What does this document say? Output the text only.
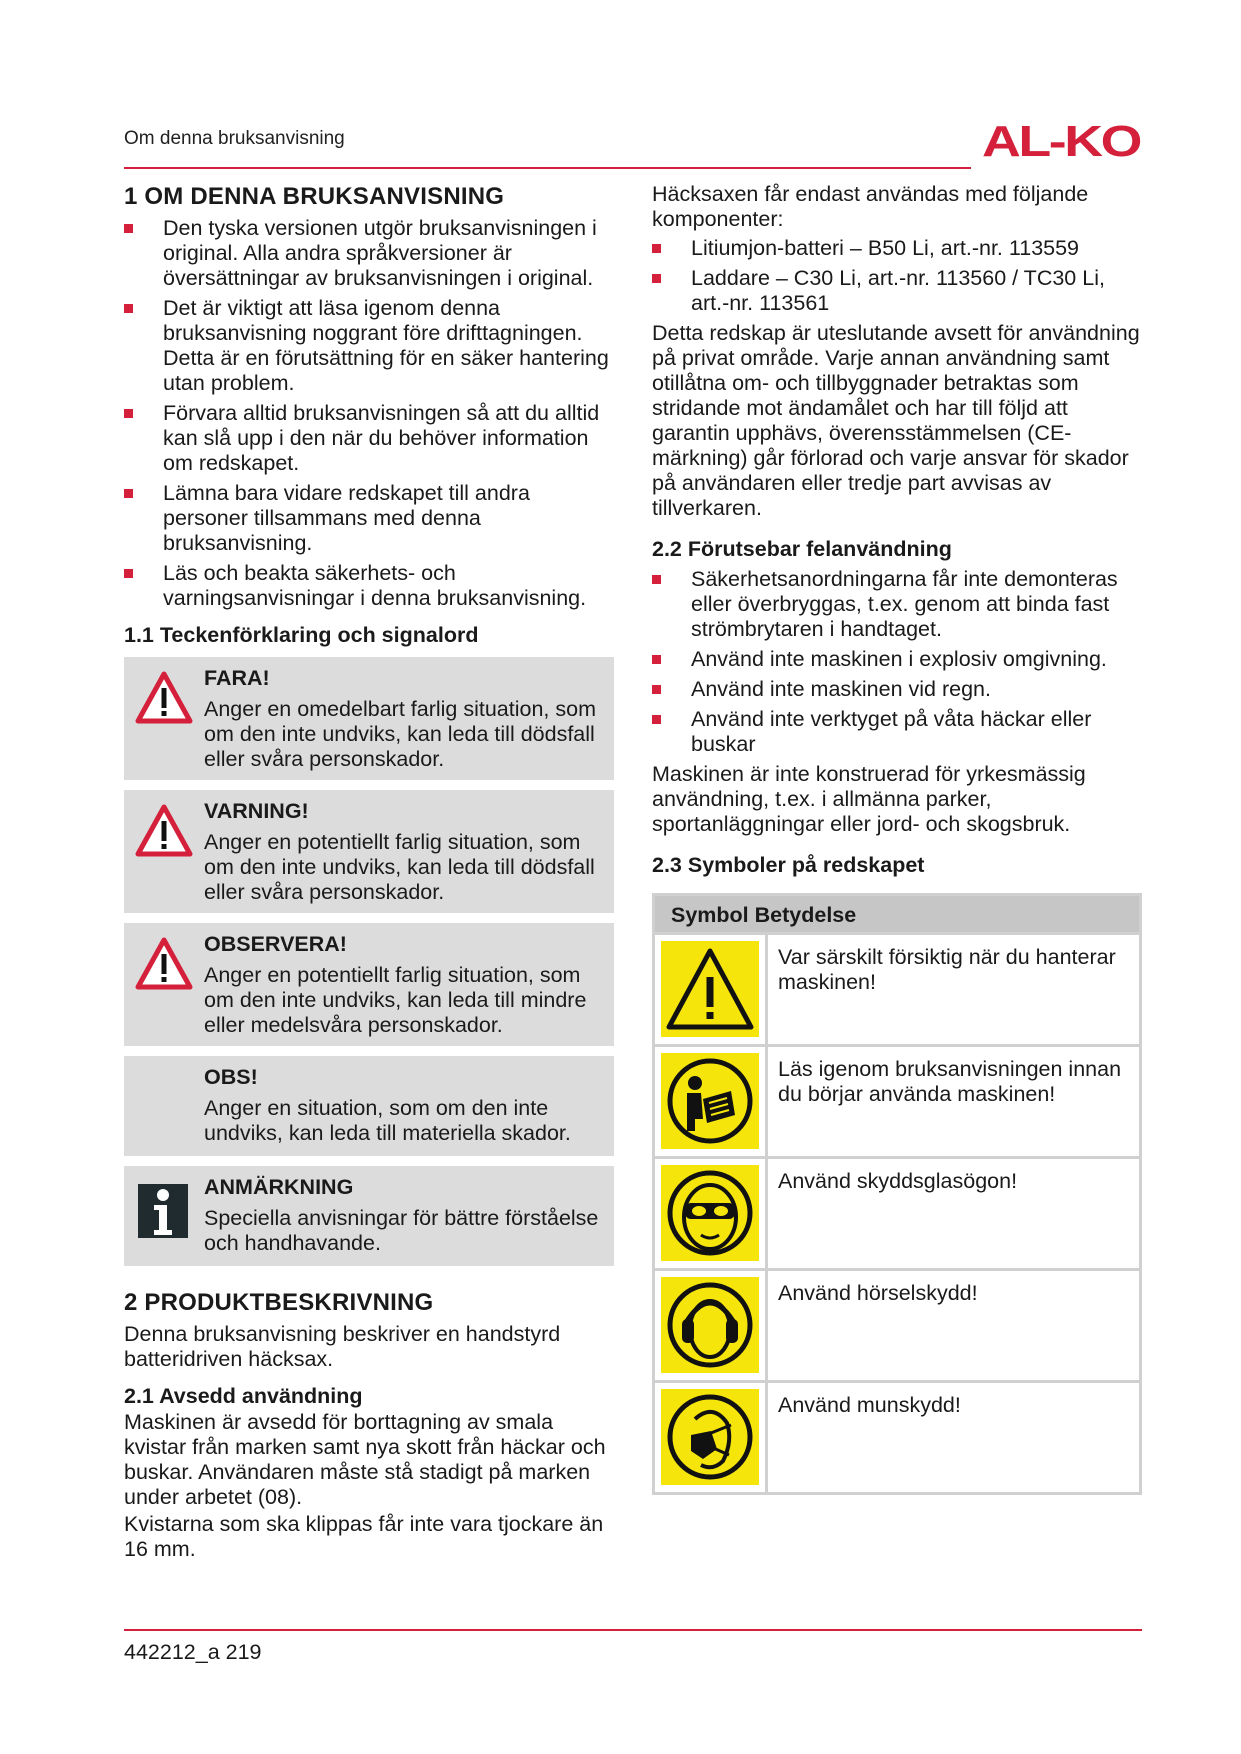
Om denna bruksanvisning	AL-KO
1 OM DENNA BRUKSANVISNING
Den tyska versionen utgör bruksanvisningen i original. Alla andra språkversioner är översättningar av bruksanvisningen i original.
Det är viktigt att läsa igenom denna bruksanvisning noggrant före drifttagningen. Detta är en förutsättning för en säker hantering utan problem.
Förvara alltid bruksanvisningen så att du alltid kan slå upp i den när du behöver information om redskapet.
Lämna bara vidare redskapet till andra personer tillsammans med denna bruksanvisning.
Läs och beakta säkerhets- och varningsanvisningar i denna bruksanvisning.
1.1 Teckenförklaring och signalord
FARA!
Anger en omedelbart farlig situation, som om den inte undviks, kan leda till dödsfall eller svåra personskador.
VARNING!
Anger en potentiellt farlig situation, som om den inte undviks, kan leda till dödsfall eller svåra personskador.
OBSERVERA!
Anger en potentiellt farlig situation, som om den inte undviks, kan leda till mindre eller medelsvåra personskador.
OBS!
Anger en situation, som om den inte undviks, kan leda till materiella skador.
ANMÄRKNING
Speciella anvisningar för bättre förståelse och handhavande.
2 PRODUKTBESKRIVNING

Denna bruksanvisning beskriver en handstyrd batteridriven häcksax.

2.1 Avsedd användning

Maskinen är avsedd för borttagning av smala kvistar från marken samt nya skott från häckar och buskar. Användaren måste stå stadigt på marken under arbetet (08).

Kvistarna som ska klippas får inte vara tjockare än 16 mm.

Häcksaxen får endast användas med följande komponenter:

Litiumjon-batteri – B50 Li, art.-nr. 113559
Laddare – C30 Li, art.-nr. 113560 / TC30 Li, art.-nr. 113561

Detta redskap är uteslutande avsett för användning på privat område. Varje annan användning samt otillåtna om- och tillbyggnader betraktas som stridande mot ändamålet och har till följd att garantin upphävs, överensstämmelsen (CE-märkning) går förlorad och varje ansvar för skador på användaren eller tredje part avvisas av tillverkaren.

2.2 Förutsebar felanvändning
Säkerhetsanordningarna får inte demonteras eller överbryggas, t.ex. genom att binda fast strömbrytaren i handtaget.
Använd inte maskinen i explosiv omgivning.
Använd inte maskinen vid regn.
Använd inte verktyget på våta häckar eller buskar

Maskinen är inte konstruerad för yrkesmässig användning, t.ex. i allmänna parker, sportanläggningar eller jord- och skogsbruk.

2.3 Symboler på redskapet
Symbol Betydelse
Var särskilt försiktig när du hanterar maskinen!
Läs igenom bruksanvisningen innan du börjar använda maskinen!
Använd skyddsglasögon!
Använd hörselskydd!
Använd munskydd!
442212_a 219
